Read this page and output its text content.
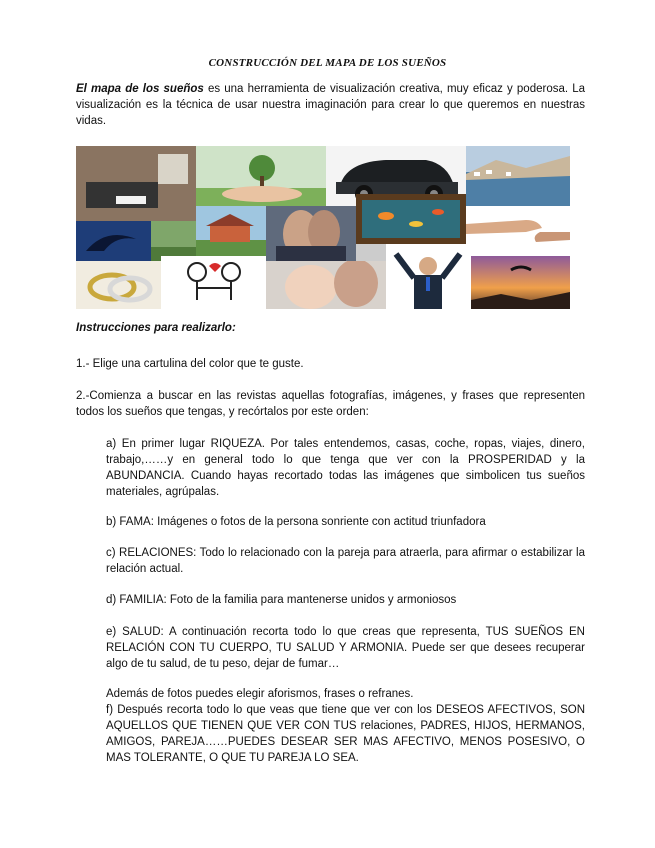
CONSTRUCCIÓN DEL MAPA DE LOS SUEÑOS
El mapa de los sueños es una herramienta de visualización creativa, muy eficaz y poderosa. La visualización es la técnica de usar nuestra imaginación para crear lo que queremos en nuestras vidas.
Instrucciones para realizarlo:
1.- Elige una cartulina del color que te guste.
2.-Comienza a buscar en las revistas aquellas fotografías, imágenes, y frases que representen todos los sueños que tengas, y recórtalos por este orden:
a) En primer lugar RIQUEZA. Por tales entendemos, casas, coche, ropas, viajes, dinero, trabajo,……y en general todo lo que tenga que ver con la PROSPERIDAD y la ABUNDANCIA. Cuando hayas recortado todas las imágenes que simbolicen tus sueños materiales, agrúpalas.
b) FAMA: Imágenes o fotos de la persona sonriente con actitud triunfadora
c) RELACIONES: Todo lo relacionado con la pareja para atraerla, para afirmar o estabilizar la relación actual.
d) FAMILIA: Foto de la familia para mantenerse unidos y armoniosos
e) SALUD: A continuación recorta todo lo que creas que representa, TUS SUEÑOS EN RELACIÓN CON TU CUERPO, TU SALUD Y ARMONIA. Puede ser que desees recuperar algo de tu salud, de tu peso, dejar de fumar…
Además de fotos puedes elegir aforismos, frases o refranes.
f) Después recorta todo lo que veas que tiene que ver con los DESEOS AFECTIVOS, SON AQUELLOS QUE TIENEN QUE VER CON TUS relaciones, PADRES, HIJOS, HERMANOS, AMIGOS, PAREJA……PUEDES DESEAR SER MAS AFECTIVO, MENOS POSESIVO, O MAS TOLERANTE, O QUE TU PAREJA LO SEA.
